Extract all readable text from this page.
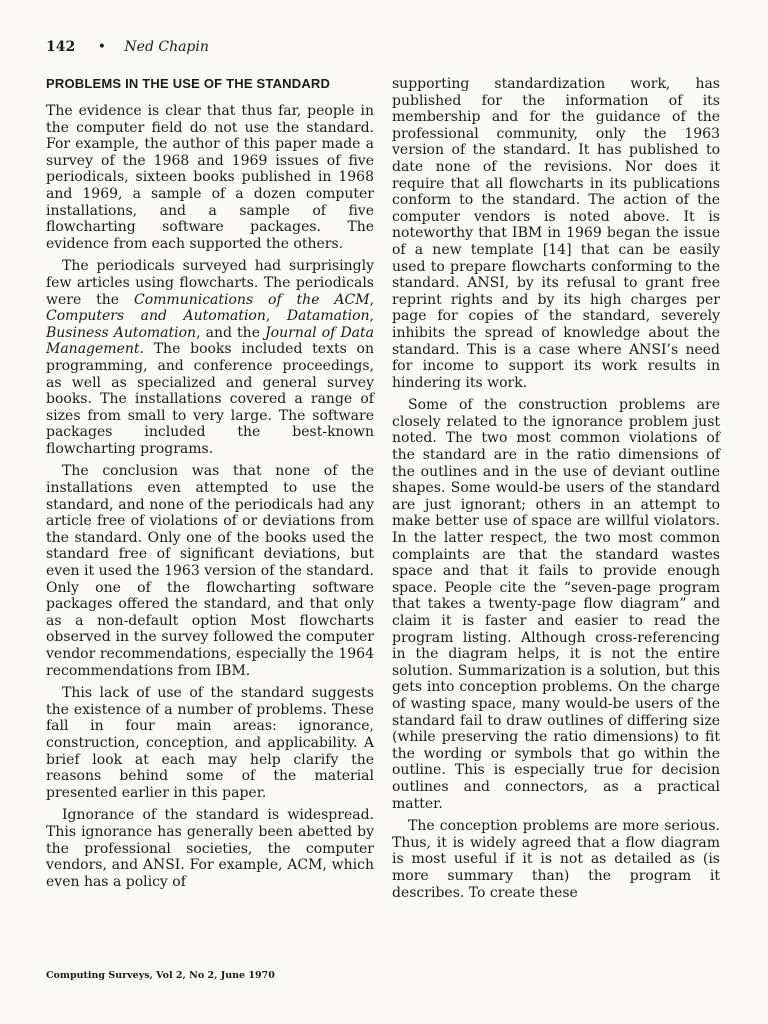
142 • Ned Chapin
PROBLEMS IN THE USE OF THE STANDARD

The evidence is clear that thus far, people in the computer field do not use the standard. For example, the author of this paper made a survey of the 1968 and 1969 issues of five periodicals, sixteen books published in 1968 and 1969, a sample of a dozen computer installations, and a sample of five flowcharting software packages. The evidence from each supported the others.

The periodicals surveyed had surprisingly few articles using flowcharts. The periodicals were the Communications of the ACM, Computers and Automation, Datamation, Business Automation, and the Journal of Data Management. The books included texts on programming, and conference proceedings, as well as specialized and general survey books. The installations covered a range of sizes from small to very large. The software packages included the best-known flowcharting programs.

The conclusion was that none of the installations even attempted to use the standard, and none of the periodicals had any article free of violations of or deviations from the standard. Only one of the books used the standard free of significant deviations, but even it used the 1963 version of the standard. Only one of the flowcharting software packages offered the standard, and that only as a non-default option Most flowcharts observed in the survey followed the computer vendor recommendations, especially the 1964 recommendations from IBM.

This lack of use of the standard suggests the existence of a number of problems. These fall in four main areas: ignorance, construction, conception, and applicability. A brief look at each may help clarify the reasons behind some of the material presented earlier in this paper.

Ignorance of the standard is widespread. This ignorance has generally been abetted by the professional societies, the computer vendors, and ANSI. For example, ACM, which even has a policy of

supporting standardization work, has published for the information of its membership and for the guidance of the professional community, only the 1963 version of the standard. It has published to date none of the revisions. Nor does it require that all flowcharts in its publications conform to the standard. The action of the computer vendors is noted above. It is noteworthy that IBM in 1969 began the issue of a new template [14] that can be easily used to prepare flowcharts conforming to the standard. ANSI, by its refusal to grant free reprint rights and by its high charges per page for copies of the standard, severely inhibits the spread of knowledge about the standard. This is a case where ANSI’s need for income to support its work results in hindering its work.

Some of the construction problems are closely related to the ignorance problem just noted. The two most common violations of the standard are in the ratio dimensions of the outlines and in the use of deviant outline shapes. Some would-be users of the standard are just ignorant; others in an attempt to make better use of space are willful violators. In the latter respect, the two most common complaints are that the standard wastes space and that it fails to provide enough space. People cite the “seven-page program that takes a twenty-page flow diagram” and claim it is faster and easier to read the program listing. Although cross-referencing in the diagram helps, it is not the entire solution. Summarization is a solution, but this gets into conception problems. On the charge of wasting space, many would-be users of the standard fail to draw outlines of differing size (while preserving the ratio dimensions) to fit the wording or symbols that go within the outline. This is especially true for decision outlines and connectors, as a practical matter.

The conception problems are more serious. Thus, it is widely agreed that a flow diagram is most useful if it is not as detailed as (is more summary than) the program it describes. To create these

Computing Surveys, Vol 2, No 2, June 1970
